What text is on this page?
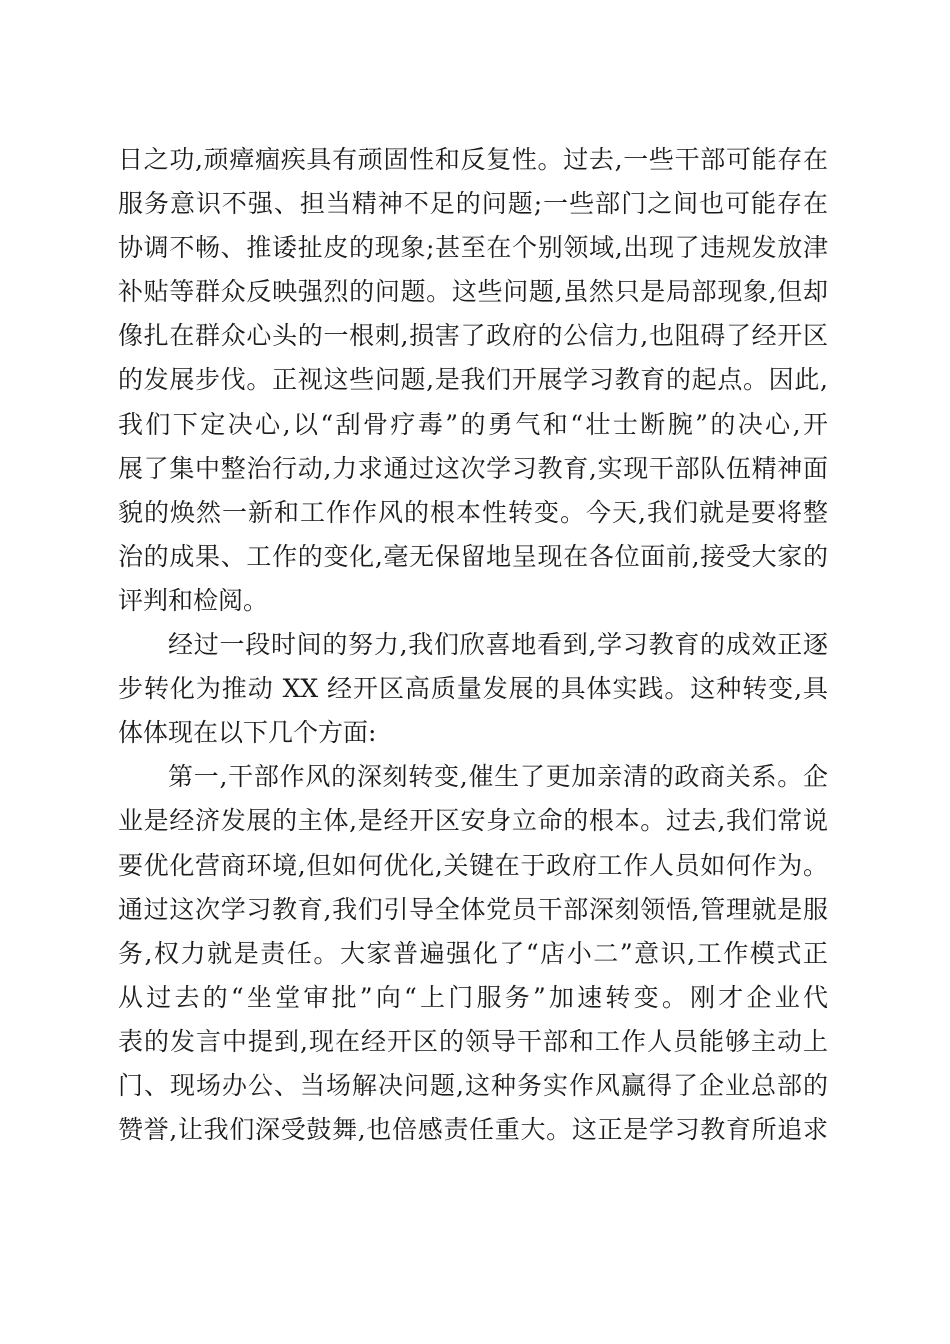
日之功,顽瘴痼疾具有顽固性和反复性。过去,一些干部可能存在
服务意识不强、担当精神不足的问题;一些部门之间也可能存在
协调不畅、推诿扯皮的现象;甚至在个别领域,出现了违规发放津
补贴等群众反映强烈的问题。这些问题,虽然只是局部现象,但却
像扎在群众心头的一根刺,损害了政府的公信力,也阻碍了经开区
的发展步伐。正视这些问题,是我们开展学习教育的起点。因此,
我们下定决心,以“刮骨疗毒”的勇气和“壮士断腕”的决心,开
展了集中整治行动,力求通过这次学习教育,实现干部队伍精神面
貌的焕然一新和工作作风的根本性转变。今天,我们就是要将整
治的成果、工作的变化,毫无保留地呈现在各位面前,接受大家的
评判和检阅。
经过一段时间的努力,我们欣喜地看到,学习教育的成效正逐
步转化为推动 XX 经开区高质量发展的具体实践。这种转变,具
体体现在以下几个方面:
第一,干部作风的深刻转变,催生了更加亲清的政商关系。企
业是经济发展的主体,是经开区安身立命的根本。过去,我们常说
要优化营商环境,但如何优化,关键在于政府工作人员如何作为。
通过这次学习教育,我们引导全体党员干部深刻领悟,管理就是服
务,权力就是责任。大家普遍强化了“店小二”意识,工作模式正
从过去的“坐堂审批”向“上门服务”加速转变。刚才企业代
表的发言中提到,现在经开区的领导干部和工作人员能够主动上
门、现场办公、当场解决问题,这种务实作风赢得了企业总部的
赞誉,让我们深受鼓舞,也倍感责任重大。这正是学习教育所追求
